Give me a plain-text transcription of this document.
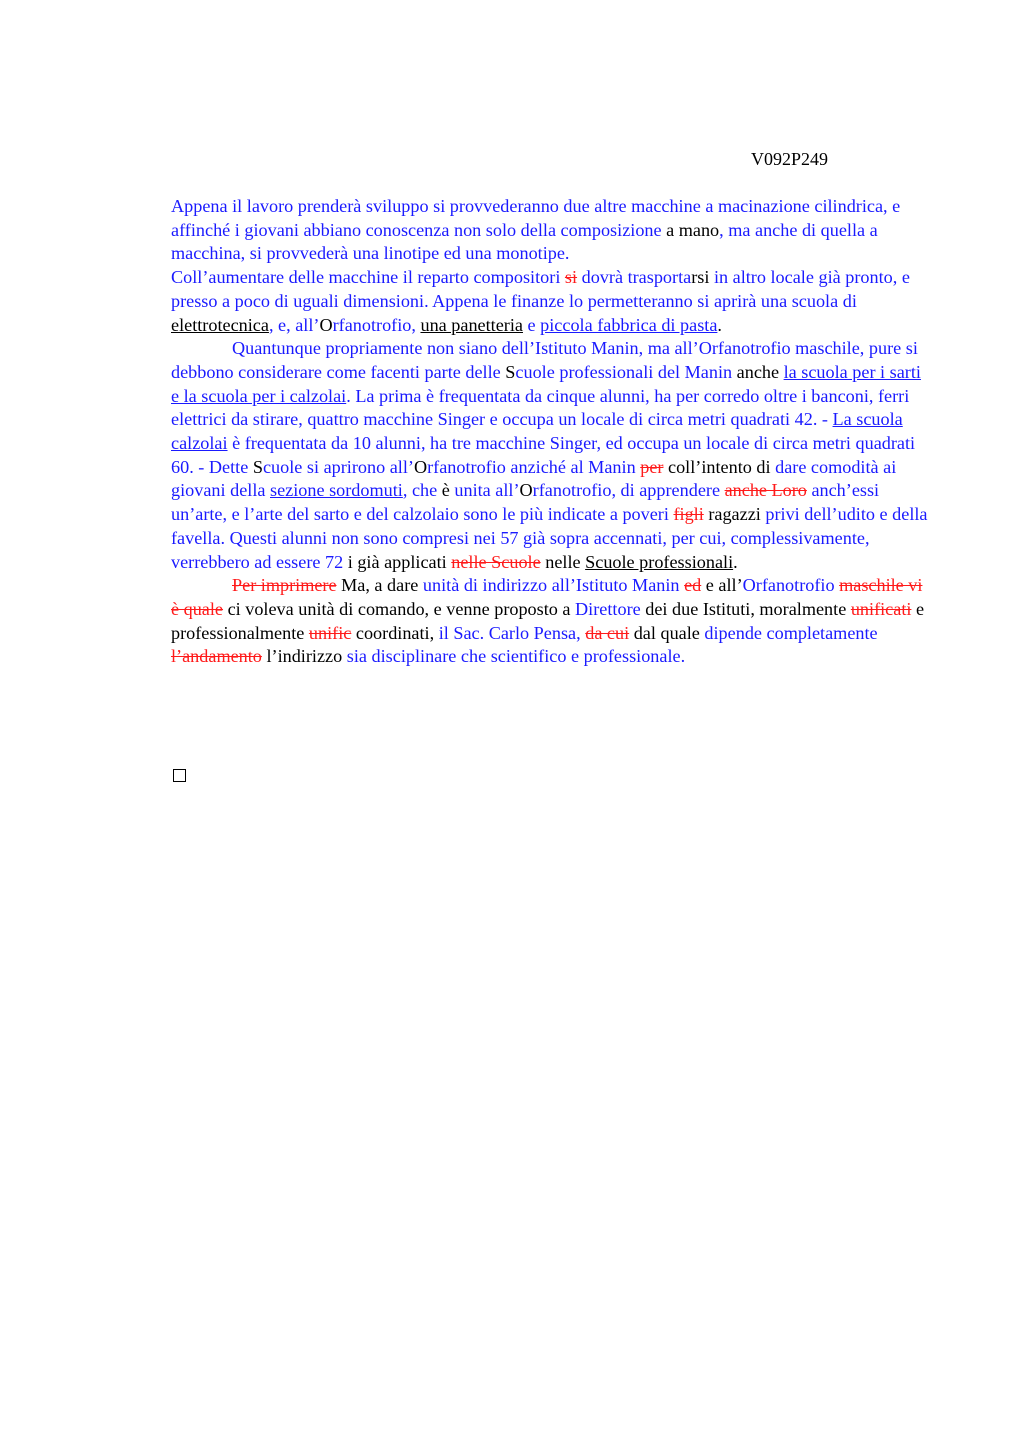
V092P249

Appena il lavoro prenderà sviluppo si provvederanno due altre macchine a macinazione cilindrica, e affinché i giovani abbiano conoscenza non solo della composizione a mano, ma anche di quella a macchina, si provvederà una linotipe ed una monotipe.
Coll’aumentare delle macchine il reparto compositori si dovrà trasportarsi in altro locale già pronto, e presso a poco di uguali dimensioni. Appena le finanze lo permetteranno si aprirà una scuola di elettrotecnica, e, all’Orfanotrofio, una panetteria e piccola fabbrica di pasta.

Quantunque propriamente non siano dell’Istituto Manin, ma all’Orfanotrofio maschile, pure si debbono considerare come facenti parte delle Scuole professionali del Manin anche la scuola per i sarti e la scuola per i calzolai. La prima è frequentata da cinque alunni, ha per corredo oltre i banconi, ferri elettrici da stirare, quattro macchine Singer e occupa un locale di circa metri quadrati 42. - La scuola calzolai è frequentata da 10 alunni, ha tre macchine Singer, ed occupa un locale di circa metri quadrati 60. - Dette Scuole si aprirono all’Orfanotrofio anziché al Manin per coll’intento di dare comodità ai giovani della sezione sordomuti, che è unita all’Orfanotrofio, di apprendere anche Loro anch’essi un’arte, e l’arte del sarto e del calzolaio sono le più indicate a poveri figli ragazzi privi dell’udito e della favella. Questi alunni non sono compresi nei 57 già sopra accennati, per cui, complessivamente, verrebbero ad essere 72 i già applicati nelle Scuole nelle Scuole professionali.

Per imprimere Ma, a dare unità di indirizzo all’Istituto Manin ed e all’Orfanotrofio maschile vi è quale ci voleva unità di comando, e venne proposto a Direttore dei due Istituti, moralmente unificati e professionalmente unific coordinati, il Sac. Carlo Pensa, da cui dal quale dipende completamente l’andamento l’indirizzo sia disciplinare che scientifico e professionale.
